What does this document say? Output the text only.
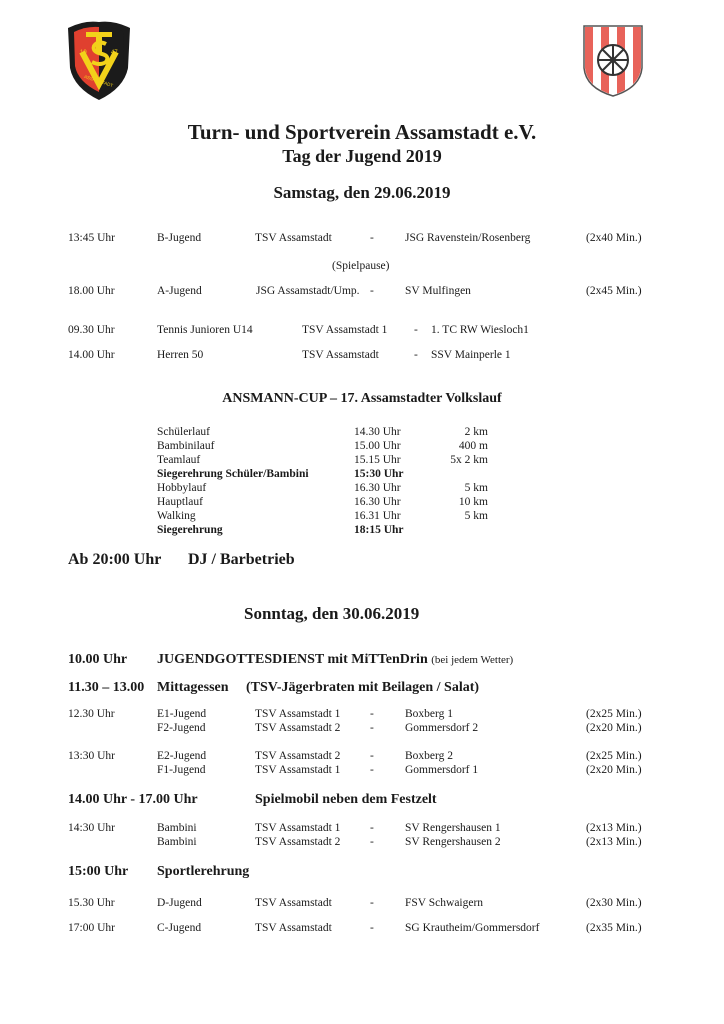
19	47
ASSAMSTADT
Turn- und Sportverein Assamstadt e.V.
Tag der Jugend 2019
Samstag, den 29.06.2019
13:45 Uhr	B-Jugend	TSV Assamstadt	-	JSG Ravenstein/Rosenberg	(2x40 Min.)
(Spielpause)
18.00 Uhr	A-Jugend	JSG Assamstadt/Ump. -	SV Mulfingen	(2x45 Min.)
09.30 Uhr	Tennis Junioren U14	TSV Assamstadt 1 - 1. TC RW Wiesloch1
14.00 Uhr	Herren 50	TSV Assamstadt	- SSV Mainperle 1
ANSMANN-CUP – 17. Assamstadter Volkslauf
Schülerlauf	14.30 Uhr	2 km
Bambinilauf	15.00 Uhr	400 m
Teamlauf	15.15 Uhr	5x 2 km
Siegerehrung Schüler/Bambini	15:30 Uhr
Hobbylauf	16.30 Uhr	5 km
Hauptlauf	16.30 Uhr	10 km
Walking	16.31 Uhr	5 km
Siegerehrung	18:15 Uhr
Ab 20:00 Uhr DJ / Barbetrieb
Sonntag, den 30.06.2019
10.00 Uhr JUGENDGOTTESDIENST mit MiTTenDrin (bei jedem Wetter)
11.30 – 13.00 Mittagessen (TSV-Jägerbraten mit Beilagen / Salat)
12.30 Uhr	E1-Jugend	TSV Assamstadt 1	-	Boxberg 1	(2x25 Min.)
F2-Jugend	TSV Assamstadt 2	-	Gommersdorf 2	(2x20 Min.)
13:30 Uhr	E2-Jugend	TSV Assamstadt 2	-	Boxberg 2	(2x25 Min.)
F1-Jugend	TSV Assamstadt 1	-	Gommersdorf 1	(2x20 Min.)
14.00 Uhr - 17.00 Uhr	Spielmobil neben dem Festzelt
14:30 Uhr	Bambini	TSV Assamstadt 1	-	SV Rengershausen 1	(2x13 Min.)
Bambini	TSV Assamstadt 2	-	SV Rengershausen 2	(2x13 Min.)
15:00 Uhr Sportlerehrung
15.30 Uhr	D-Jugend	TSV Assamstadt	-	FSV Schwaigern	(2x30 Min.)
17:00 Uhr	C-Jugend	TSV Assamstadt	-	SG Krautheim/Gommersdorf	(2x35 Min.)
